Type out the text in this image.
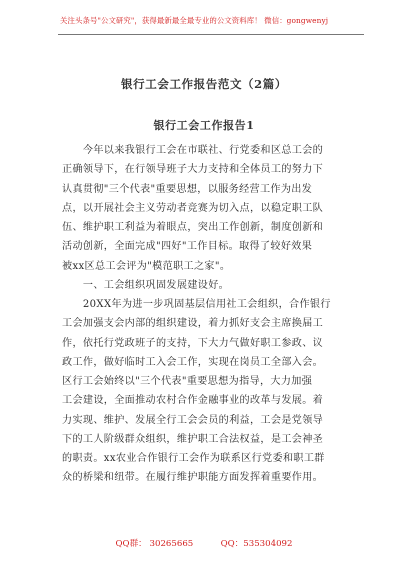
关注头条号"公文研究"，获得最新最全最专业的公文资料库！ 微信：gongwenyj
银行工会工作报告范文（2篇）
银行工会工作报告1
　　今年以来我银行工会在市联社、行党委和区总工会的
正确领导下，在行领导班子大力支持和全体员工的努力下
认真贯彻"三个代表"重要思想，以服务经营工作为出发
点，以开展社会主义劳动者竞赛为切入点，以稳定职工队
伍、维护职工利益为着眼点，突出工作创新，制度创新和
活动创新，全面完成"四好"工作目标。取得了较好效果
被xx区总工会评为"模范职工之家"。
　　一、工会组织巩固发展建设好。
　　20XX年为进一步巩固基层信用社工会组织，合作银行
工会加强支会内部的组织建设，着力抓好支会主席换届工
作，依托行党政班子的支持，下大力气做好职工参政、议
政工作，做好临时工入会工作，实现在岗员工全部入会。
区行工会始终以"三个代表"重要思想为指导，大力加强
工会建设，全面推动农村合作金融事业的改革与发展。着
力实现、维护、发展全行工会会员的利益，工会是党领导
下的工人阶级群众组织，维护职工合法权益，是工会神圣
的职责。xx农业合作银行工会作为联系区行党委和职工群
众的桥梁和纽带。在履行维护职能方面发挥着重要作用。
QQ群： 30265665	QQ：535304092
